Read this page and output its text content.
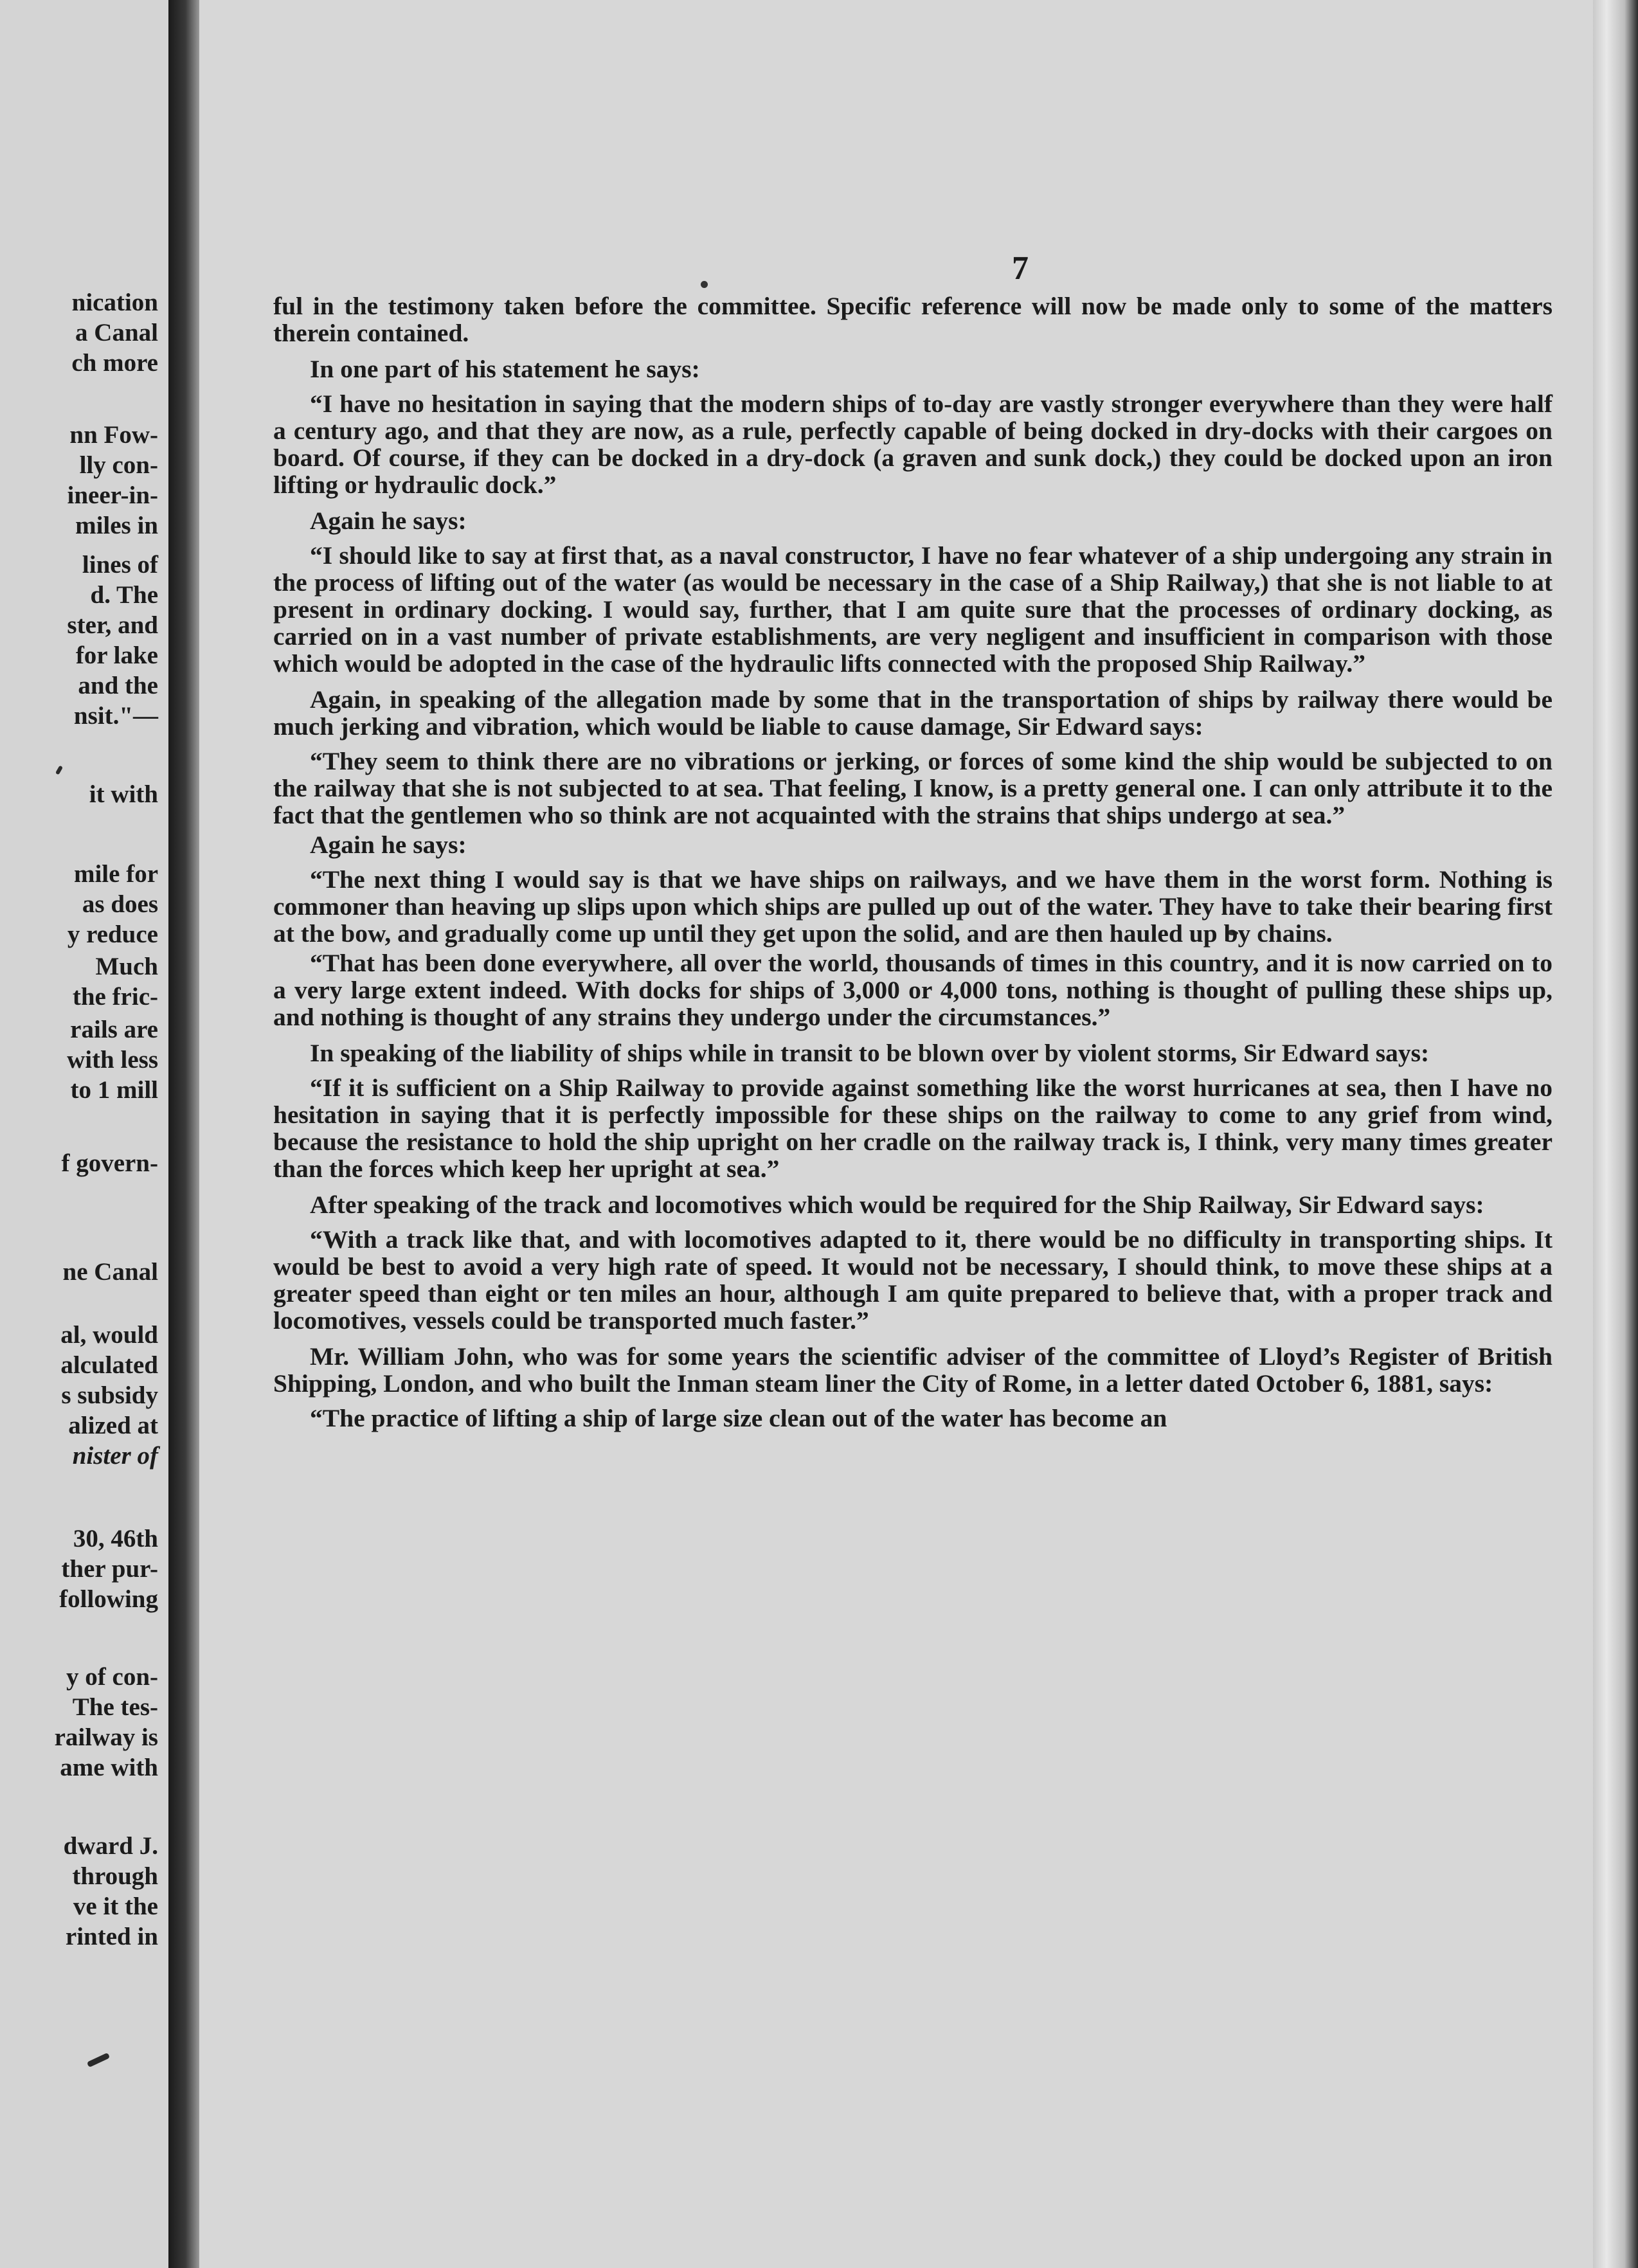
nication
a Canal
ch more
nn Fow-
lly con-
ineer-in-
miles in
lines of
d. The
ster, and
for lake
and the
nsit."—
it with
mile for
as does
y reduce
Much
the fric-
rails are
with less
to 1 mill
f govern-
ne Canal
al, would
alculated
s subsidy
alized at
nister of
30, 46th
ther pur-
following
y of con-
The tes-
railway is
ame with
dward J.
through
ve it the
rinted in
7

ful in the testimony taken before the committee. Specific reference will now be made only to some of the matters therein contained.

In one part of his statement he says:

“I have no hesitation in saying that the modern ships of to-day are vastly stronger everywhere than they were half a century ago, and that they are now, as a rule, perfectly capable of being docked in dry-docks with their cargoes on board. Of course, if they can be docked in a dry-dock (a graven and sunk dock,) they could be docked upon an iron lifting or hydraulic dock.”

Again he says:

“I should like to say at first that, as a naval constructor, I have no fear whatever of a ship undergoing any strain in the process of lifting out of the water (as would be necessary in the case of a Ship Railway,) that she is not liable to at present in ordinary docking. I would say, further, that I am quite sure that the processes of ordinary docking, as carried on in a vast number of private establishments, are very negligent and insufficient in comparison with those which would be adopted in the case of the hydraulic lifts connected with the proposed Ship Railway.”

Again, in speaking of the allegation made by some that in the transportation of ships by railway there would be much jerking and vibration, which would be liable to cause damage, Sir Edward says:

“They seem to think there are no vibrations or jerking, or forces of some kind the ship would be subjected to on the railway that she is not subjected to at sea. That feeling, I know, is a pretty general one. I can only attribute it to the fact that the gentlemen who so think are not acquainted with the strains that ships undergo at sea.”

Again he says:

“The next thing I would say is that we have ships on railways, and we have them in the worst form. Nothing is commoner than heaving up slips upon which ships are pulled up out of the water. They have to take their bearing first at the bow, and gradually come up until they get upon the solid, and are then hauled up by chains.

“That has been done everywhere, all over the world, thousands of times in this country, and it is now carried on to a very large extent indeed. With docks for ships of 3,000 or 4,000 tons, nothing is thought of pulling these ships up, and nothing is thought of any strains they undergo under the circumstances.”

In speaking of the liability of ships while in transit to be blown over by violent storms, Sir Edward says:

“If it is sufficient on a Ship Railway to provide against something like the worst hurricanes at sea, then I have no hesitation in saying that it is perfectly impossible for these ships on the railway to come to any grief from wind, because the resistance to hold the ship upright on her cradle on the railway track is, I think, very many times greater than the forces which keep her upright at sea.”

After speaking of the track and locomotives which would be required for the Ship Railway, Sir Edward says:

“With a track like that, and with locomotives adapted to it, there would be no difficulty in transporting ships. It would be best to avoid a very high rate of speed. It would not be necessary, I should think, to move these ships at a greater speed than eight or ten miles an hour, although I am quite prepared to believe that, with a proper track and locomotives, vessels could be transported much faster.”

Mr. William John, who was for some years the scientific adviser of the committee of Lloyd’s Register of British Shipping, London, and who built the Inman steam liner the City of Rome, in a letter dated October 6, 1881, says:

“The practice of lifting a ship of large size clean out of the water has become an
